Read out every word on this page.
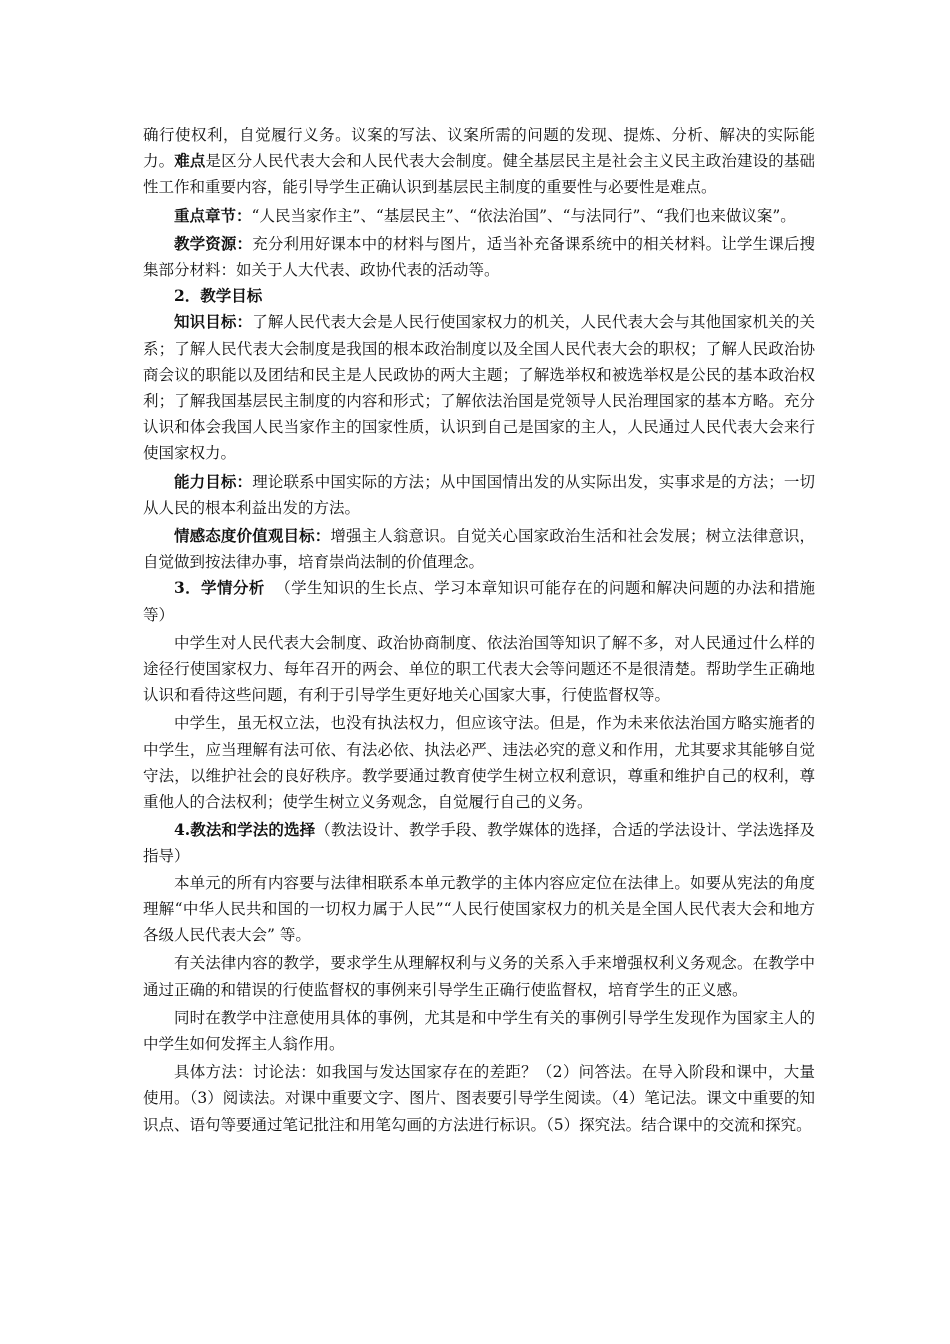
确行使权利，自觉履行义务。议案的写法、议案所需的问题的发现、提炼、分析、解决的实际能力。难点是区分人民代表大会和人民代表大会制度。健全基层民主是社会主义民主政治建设的基础性工作和重要内容，能引导学生正确认识到基层民主制度的重要性与必要性是难点。

重点章节：“人民当家作主”、“基层民主”、“依法治国”、“与法同行”、“我们也来做议案”。

教学资源：充分利用好课本中的材料与图片，适当补充备课系统中的相关材料。让学生课后搜集部分材料：如关于人大代表、政协代表的活动等。

2．教学目标

知识目标：了解人民代表大会是人民行使国家权力的机关，人民代表大会与其他国家机关的关系；了解人民代表大会制度是我国的根本政治制度以及全国人民代表大会的职权；了解人民政治协商会议的职能以及团结和民主是人民政协的两大主题；了解选举权和被选举权是公民的基本政治权利；了解我国基层民主制度的内容和形式；了解依法治国是党领导人民治理国家的基本方略。充分认识和体会我国人民当家作主的国家性质，认识到自己是国家的主人，人民通过人民代表大会来行使国家权力。

能力目标：理论联系中国实际的方法；从中国国情出发的从实际出发，实事求是的方法；一切从人民的根本利益出发的方法。

情感态度价值观目标：增强主人翁意识。自觉关心国家政治生活和社会发展；树立法律意识，自觉做到按法律办事，培育崇尚法制的价值理念。

3．学情分析 （学生知识的生长点、学习本章知识可能存在的问题和解决问题的办法和措施等）

中学生对人民代表大会制度、政治协商制度、依法治国等知识了解不多，对人民通过什么样的途径行使国家权力、每年召开的两会、单位的职工代表大会等问题还不是很清楚。帮助学生正确地认识和看待这些问题，有利于引导学生更好地关心国家大事，行使监督权等。

中学生，虽无权立法，也没有执法权力，但应该守法。但是，作为未来依法治国方略实施者的中学生，应当理解有法可依、有法必依、执法必严、违法必究的意义和作用，尤其要求其能够自觉守法，以维护社会的良好秩序。教学要通过教育使学生树立权利意识，尊重和维护自己的权利，尊重他人的合法权利；使学生树立义务观念，自觉履行自己的义务。

4.教法和学法的选择（教法设计、教学手段、教学媒体的选择，合适的学法设计、学法选择及指导）

本单元的所有内容要与法律相联系本单元教学的主体内容应定位在法律上。如要从宪法的角度理解“中华人民共和国的一切权力属于人民”“人民行使国家权力的机关是全国人民代表大会和地方各级人民代表大会” 等。

有关法律内容的教学，要求学生从理解权利与义务的关系入手来增强权利义务观念。在教学中通过正确的和错误的行使监督权的事例来引导学生正确行使监督权，培育学生的正义感。

同时在教学中注意使用具体的事例，尤其是和中学生有关的事例引导学生发现作为国家主人的中学生如何发挥主人翁作用。

具体方法：讨论法：如我国与发达国家存在的差距？（2）问答法。在导入阶段和课中，大量使用。（3）阅读法。对课中重要文字、图片、图表要引导学生阅读。（4）笔记法。课文中重要的知识点、语句等要通过笔记批注和用笔勾画的方法进行标识。（5）探究法。结合课中的交流和探究。
